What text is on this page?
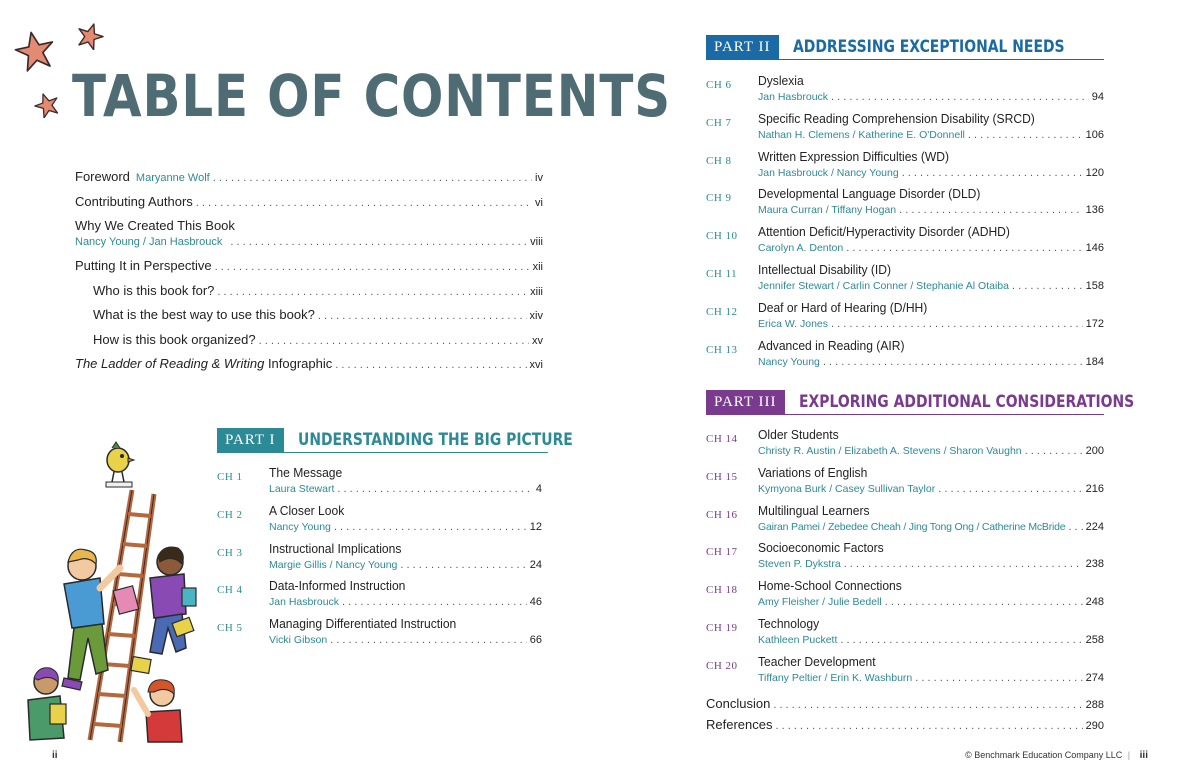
TABLE OF CONTENTS
Foreword Maryanne Wolf . . .	iv
Contributing Authors . . .	vi
Why We Created This Book
Nancy Young / Jan Hasbrouck . . .	viii
Putting It in Perspective . . .	xii
Who is this book for? . . .	xiii
What is the best way to use this book? . . .	xiv
How is this book organized? . . .	xv
The Ladder of Reading & Writing Infographic . . .	xvi
PART I	UNDERSTANDING THE BIG PICTURE
CH 1	The Message
Laura Stewart . . .	4
CH 2	A Closer Look
Nancy Young . . .	12
CH 3	Instructional Implications
Margie Gillis / Nancy Young . . .	24
CH 4	Data-Informed Instruction
Jan Hasbrouck . . .	46
CH 5	Managing Differentiated Instruction
Vicki Gibson . . .	66
PART II	ADDRESSING EXCEPTIONAL NEEDS
CH 6	Dyslexia
Jan Hasbrouck . . .	94
CH 7	Specific Reading Comprehension Disability (SRCD)
Nathan H. Clemens / Katherine E. O'Donnell . . .	106
CH 8	Written Expression Difficulties (WD)
Jan Hasbrouck / Nancy Young . . .	120
CH 9	Developmental Language Disorder (DLD)
Maura Curran / Tiffany Hogan . . .	136
CH 10	Attention Deficit/Hyperactivity Disorder (ADHD)
Carolyn A. Denton . . .	146
CH 11	Intellectual Disability (ID)
Jennifer Stewart / Carlin Conner / Stephanie Al Otaiba . . .	158
CH 12	Deaf or Hard of Hearing (D/HH)
Erica W. Jones . . .	172
CH 13	Advanced in Reading (AIR)
Nancy Young . . .	184
PART III	EXPLORING ADDITIONAL CONSIDERATIONS
CH 14	Older Students
Christy R. Austin / Elizabeth A. Stevens / Sharon Vaughn . . .	200
CH 15	Variations of English
Kymyona Burk / Casey Sullivan Taylor . . .	216
CH 16	Multilingual Learners
Gairan Pamei / Zebedee Cheah / Jing Tong Ong / Catherine McBride . . . 224
CH 17	Socioeconomic Factors
Steven P. Dykstra . . .	238
CH 18	Home-School Connections
Amy Fleisher / Julie Bedell . . .	248
CH 19	Technology
Kathleen Puckett . . .	258
CH 20	Teacher Development
Tiffany Peltier / Erin K. Washburn . . .	274
Conclusion . . .	288
References . . .	290
ii	© Benchmark Education Company LLC | iii
